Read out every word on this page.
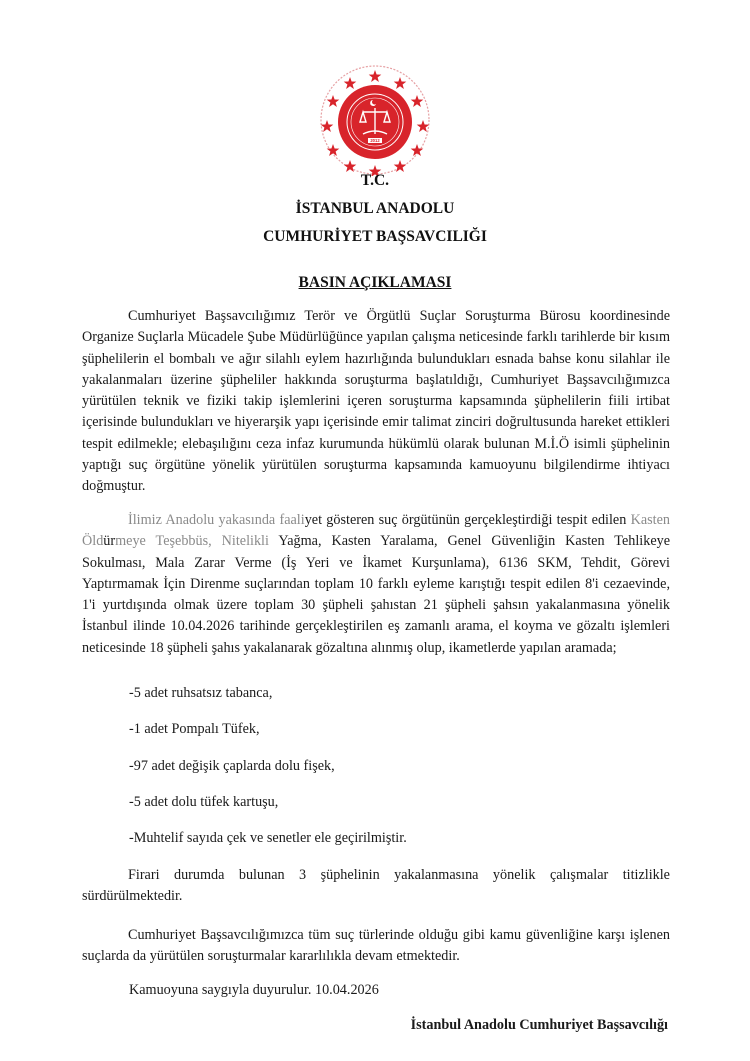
2012
T.C.
İSTANBUL ANADOLU
CUMHURİYET BAŞSAVCILIĞI
BASIN AÇIKLAMASI

Cumhuriyet Başsavcılığımız Terör ve Örgütlü Suçlar Soruşturma Bürosu koordinesinde Organize Suçlarla Mücadele Şube Müdürlüğünce yapılan çalışma neticesinde farklı tarihlerde bir kısım şüphelilerin el bombalı ve ağır silahlı eylem hazırlığında bulundukları esnada bahse konu silahlar ile yakalanmaları üzerine şüpheliler hakkında soruşturma başlatıldığı, Cumhuriyet Başsavcılığımızca yürütülen teknik ve fiziki takip işlemlerini içeren soruşturma kapsamında şüphelilerin fiili irtibat içerisinde bulundukları ve hiyerarşik yapı içerisinde emir talimat zinciri doğrultusunda hareket ettikleri tespit edilmekle; elebaşılığını ceza infaz kurumunda hükümlü olarak bulunan M.İ.Ö isimli şüphelinin yaptığı suç örgütüne yönelik yürütülen soruşturma kapsamında kamuoyunu bilgilendirme ihtiyacı doğmuştur.

İlimiz Anadolu yakasında faaliyet gösteren suç örgütünün gerçekleştirdiği tespit edilen Kasten Öldürmeye Teşebbüs, Nitelikli Yağma, Kasten Yaralama, Genel Güvenliğin Kasten Tehlikeye Sokulması, Mala Zarar Verme (İş Yeri ve İkamet Kurşunlama), 6136 SKM, Tehdit, Görevi Yaptırmamak İçin Direnme suçlarından toplam 10 farklı eyleme karıştığı tespit edilen 8'i cezaevinde, 1'i yurtdışında olmak üzere toplam 30 şüpheli şahıstan 21 şüpheli şahsın yakalanmasına yönelik İstanbul ilinde 10.04.2026 tarihinde gerçekleştirilen eş zamanlı arama, el koyma ve gözaltı işlemleri neticesinde 18 şüpheli şahıs yakalanarak gözaltına alınmış olup, ikametlerde yapılan aramada;

-5 adet ruhsatsız tabanca,

-1 adet Pompalı Tüfek,

-97 adet değişik çaplarda dolu fişek,

-5 adet dolu tüfek kartuşu,

-Muhtelif sayıda çek ve senetler ele geçirilmiştir.

Firari durumda bulunan 3 şüphelinin yakalanmasına yönelik çalışmalar titizlikle sürdürülmektedir.

Cumhuriyet Başsavcılığımızca tüm suç türlerinde olduğu gibi kamu güvenliğine karşı işlenen suçlarda da yürütülen soruşturmalar kararlılıkla devam etmektedir.

Kamuoyuna saygıyla duyurulur. 10.04.2026

İstanbul Anadolu Cumhuriyet Başsavcılığı
